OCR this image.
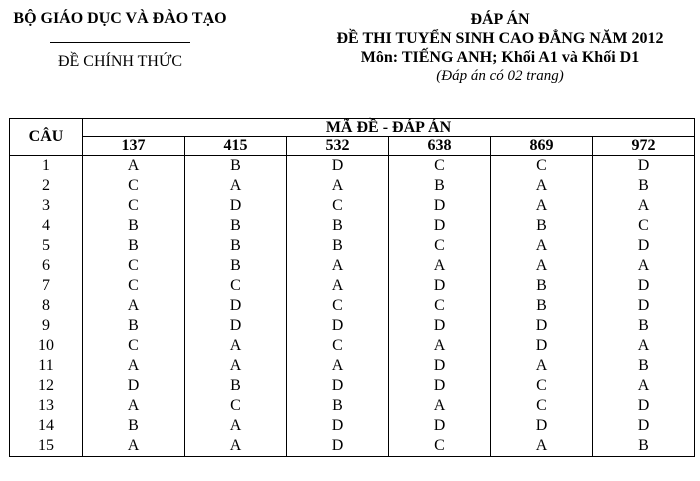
BỘ GIÁO DỤC VÀ ĐÀO TẠO
ĐỀ CHÍNH THỨC
ĐÁP ÁN
ĐỀ THI TUYỂN SINH CAO ĐẲNG NĂM 2012
Môn: TIẾNG ANH; Khối A1 và Khối D1
(Đáp án có 02 trang)
CÂU	MÃ ĐỀ - ĐÁP ÁN					
	137	415	532	638	869	972
1	A	B	D	C	C	D
2	C	A	A	B	A	B
3	C	D	C	D	A	A
4	B	B	B	D	B	C
5	B	B	B	C	A	D
6	C	B	A	A	A	A
7	C	C	A	D	B	D
8	A	D	C	C	B	D
9	B	D	D	D	D	B
10	C	A	C	A	D	A
11	A	A	A	D	A	B
12	D	B	D	D	C	A
13	A	C	B	A	C	D
14	B	A	D	D	D	D
15	A	A	D	C	A	B
